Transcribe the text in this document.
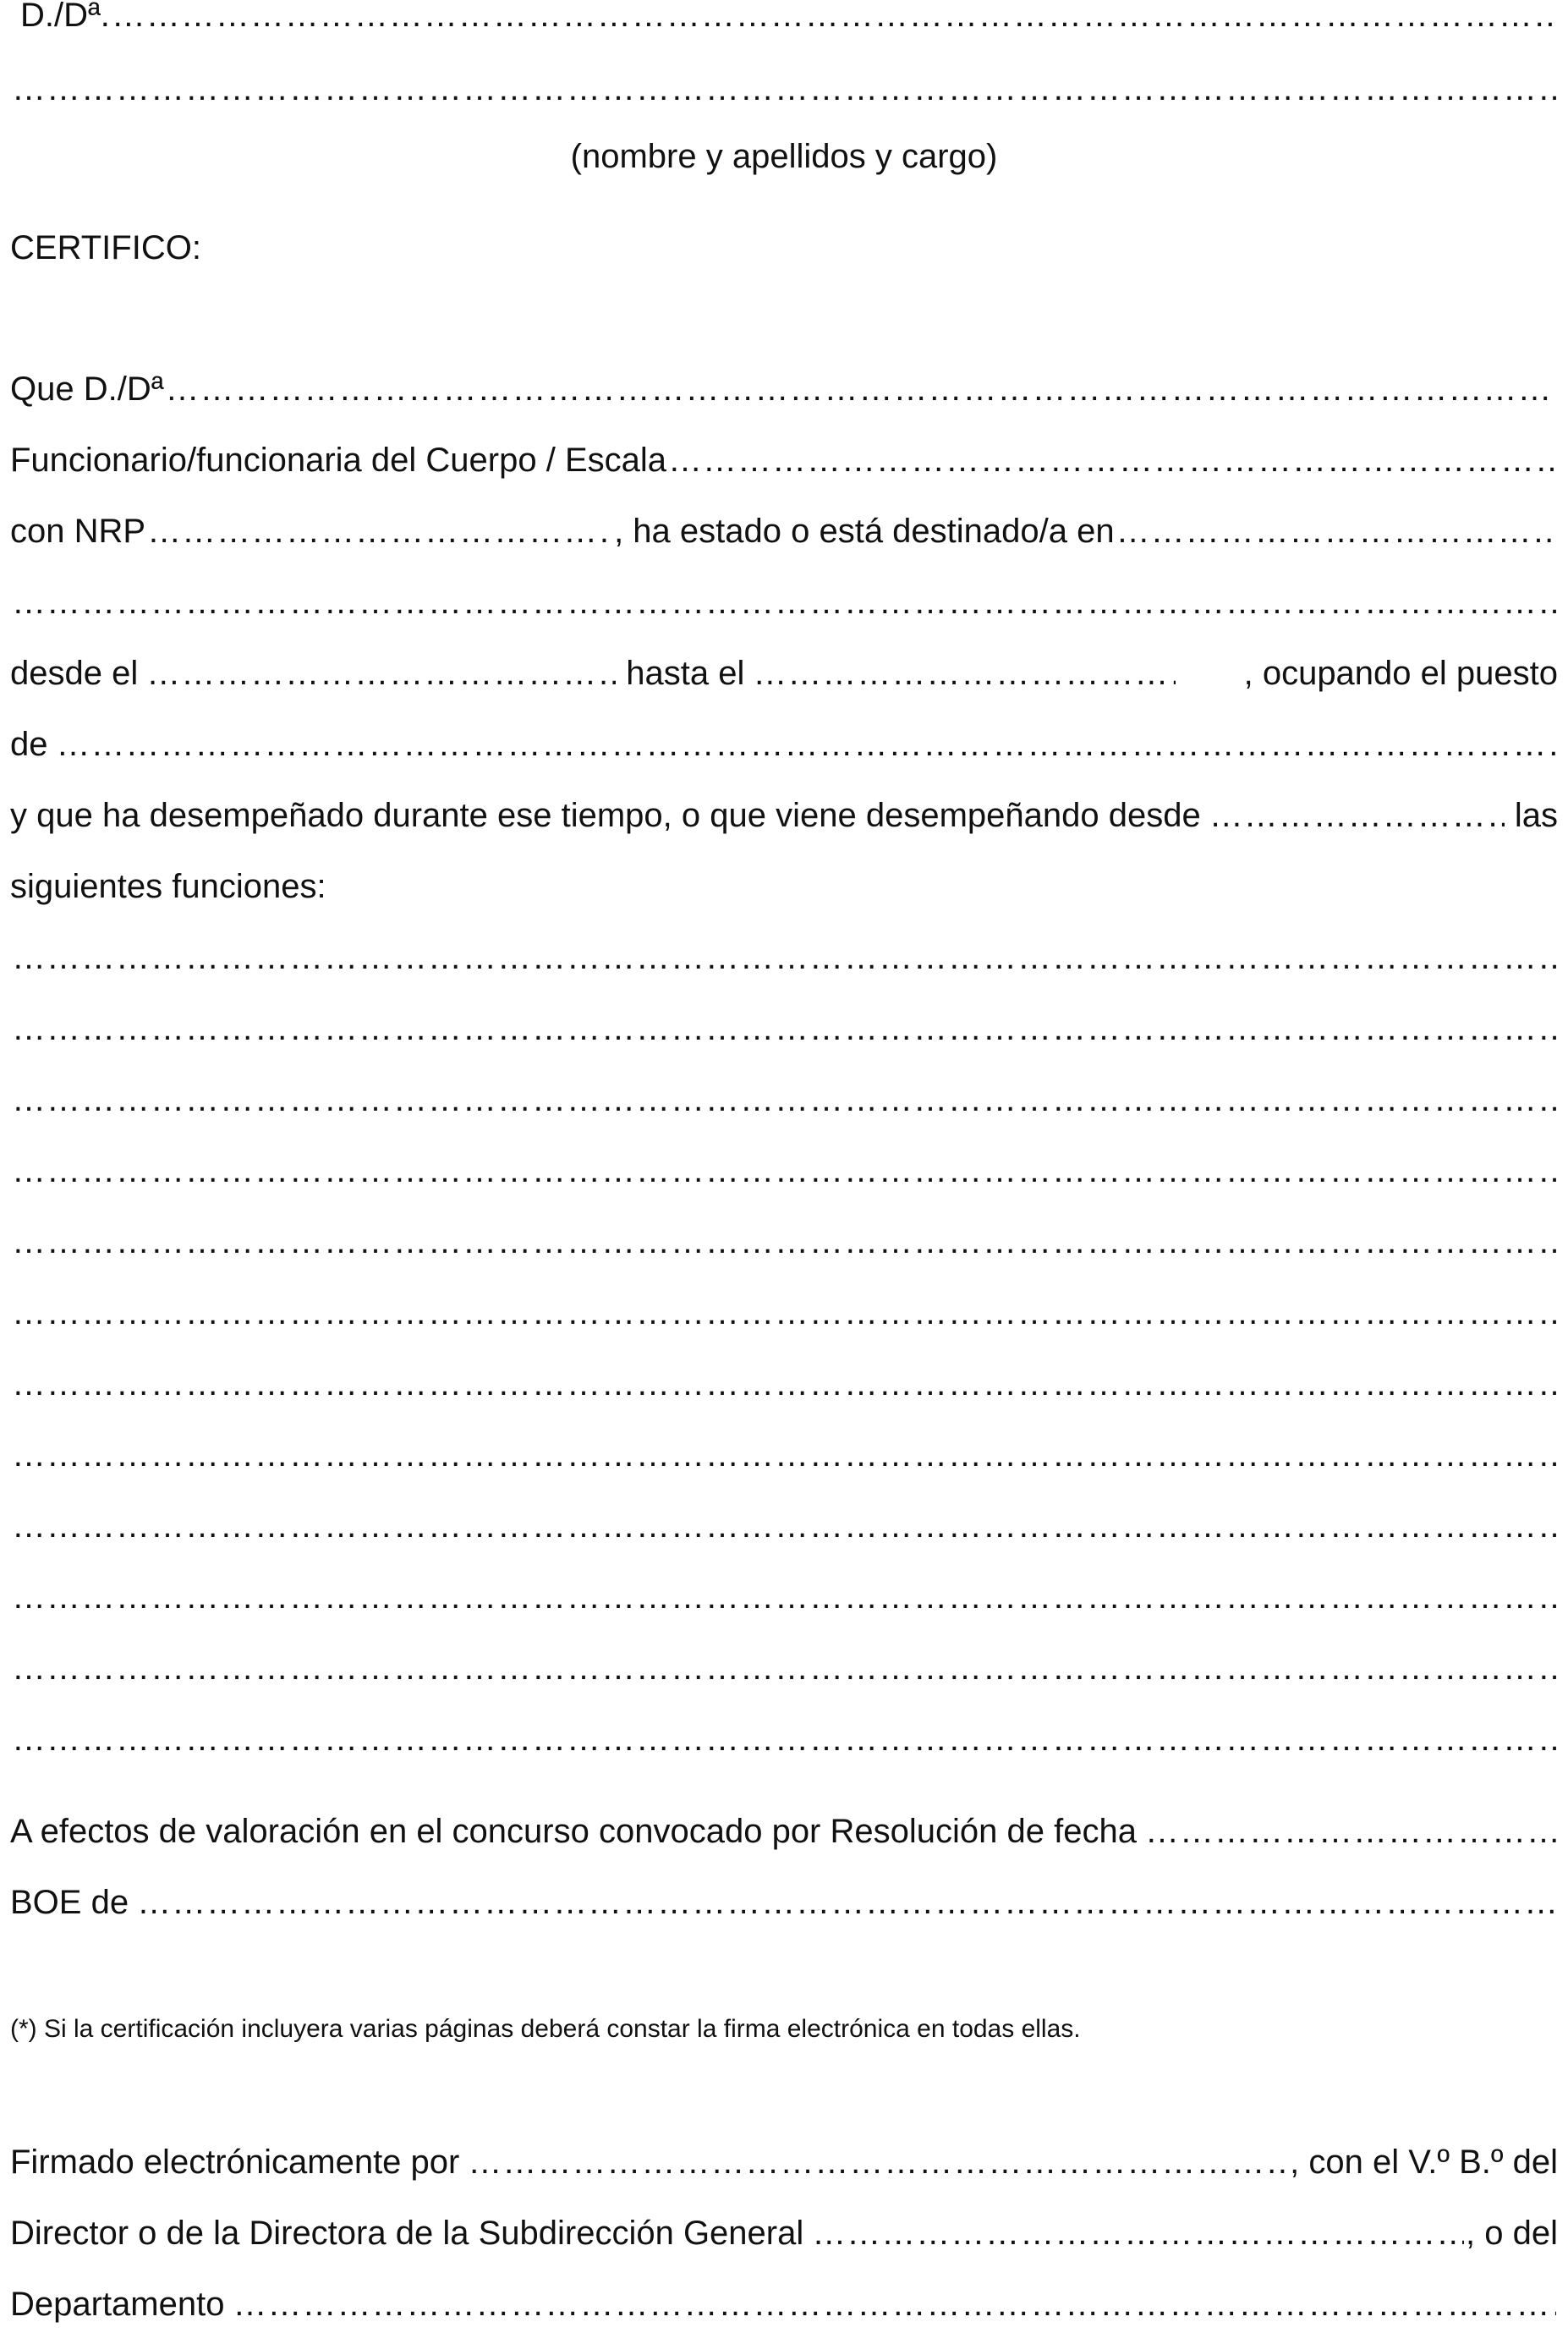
D./Dª.
…………………………………………………………………………………………………………………………………………………………………………………………………………………………………………………………………………………………………………………………………………………………………
…………………………………………………………………………………………………………………………………………………………………………………………………………………………………………………………………………………………………………………………………………………………………
(nombre y apellidos y cargo)
CERTIFICO:
Que D./Dª
…………………………………………………………………………………………………………………………………………………………………………………………………………………………………………………………………………………………………………………………………………………………………
Funcionario/funcionaria del Cuerpo / Escala
…………………………………………………………………………………………………………………………………………………………………………………………………………………………………………………………………………………………………………………………………………………………………
con NRP …………………………………………………………………………………………………………………………………………………………………………………………………………………………………………………………………………………………………………………………………………………………………	, ha estado o está destinado/a en
…………………………………………………………………………………………………………………………………………………………………………………………………………………………………………………………………………………………………………………………………………………………………
…………………………………………………………………………………………………………………………………………………………………………………………………………………………………………………………………………………………………………………………………………………………………
desde el …………………………………………………………………………………………………………………………………………………………………………………………………………………………………………………………………………………………………………………………………………………………………	hasta el …………………………………………………………………………………………………………………………………………………………………………………………………………………………………………………………………………………………………………………………………………………………………	, ocupando el puesto
de
…………………………………………………………………………………………………………………………………………………………………………………………………………………………………………………………………………………………………………………………………………………………………
y que ha desempeñado durante ese tiempo, o que viene desempeñando desde …………………………………………………………………………………………………………………………………………………………………………………………………………………………………………………………………………………………………………………………………………………………………	las
siguientes funciones:
…………………………………………………………………………………………………………………………………………………………………………………………………………………………………………………………………………………………………………………………………………………………………
…………………………………………………………………………………………………………………………………………………………………………………………………………………………………………………………………………………………………………………………………………………………………
…………………………………………………………………………………………………………………………………………………………………………………………………………………………………………………………………………………………………………………………………………………………………
…………………………………………………………………………………………………………………………………………………………………………………………………………………………………………………………………………………………………………………………………………………………………
…………………………………………………………………………………………………………………………………………………………………………………………………………………………………………………………………………………………………………………………………………………………………
…………………………………………………………………………………………………………………………………………………………………………………………………………………………………………………………………………………………………………………………………………………………………
…………………………………………………………………………………………………………………………………………………………………………………………………………………………………………………………………………………………………………………………………………………………………
…………………………………………………………………………………………………………………………………………………………………………………………………………………………………………………………………………………………………………………………………………………………………
…………………………………………………………………………………………………………………………………………………………………………………………………………………………………………………………………………………………………………………………………………………………………
…………………………………………………………………………………………………………………………………………………………………………………………………………………………………………………………………………………………………………………………………………………………………
…………………………………………………………………………………………………………………………………………………………………………………………………………………………………………………………………………………………………………………………………………………………………
…………………………………………………………………………………………………………………………………………………………………………………………………………………………………………………………………………………………………………………………………………………………………
A efectos de valoración en el concurso convocado por Resolución de fecha
…………………………………………………………………………………………………………………………………………………………………………………………………………………………………………………………………………………………………………………………………………………………………
BOE de
…………………………………………………………………………………………………………………………………………………………………………………………………………………………………………………………………………………………………………………………………………………………………
(*) Si la certificación incluyera varias páginas deberá constar la firma electrónica en todas ellas.
Firmado electrónicamente por …………………………………………………………………………………………………………………………………………………………………………………………………………………………………………………………………………………………………………………………………………………………………	, con el V.º B.º del
Director o de la Directora de la Subdirección General …………………………………………………………………………………………………………………………………………………………………………………………………………………………………………………………………………………………………………………………………………………………………	, o del
Departamento
…………………………………………………………………………………………………………………………………………………………………………………………………………………………………………………………………………………………………………………………………………………………………
